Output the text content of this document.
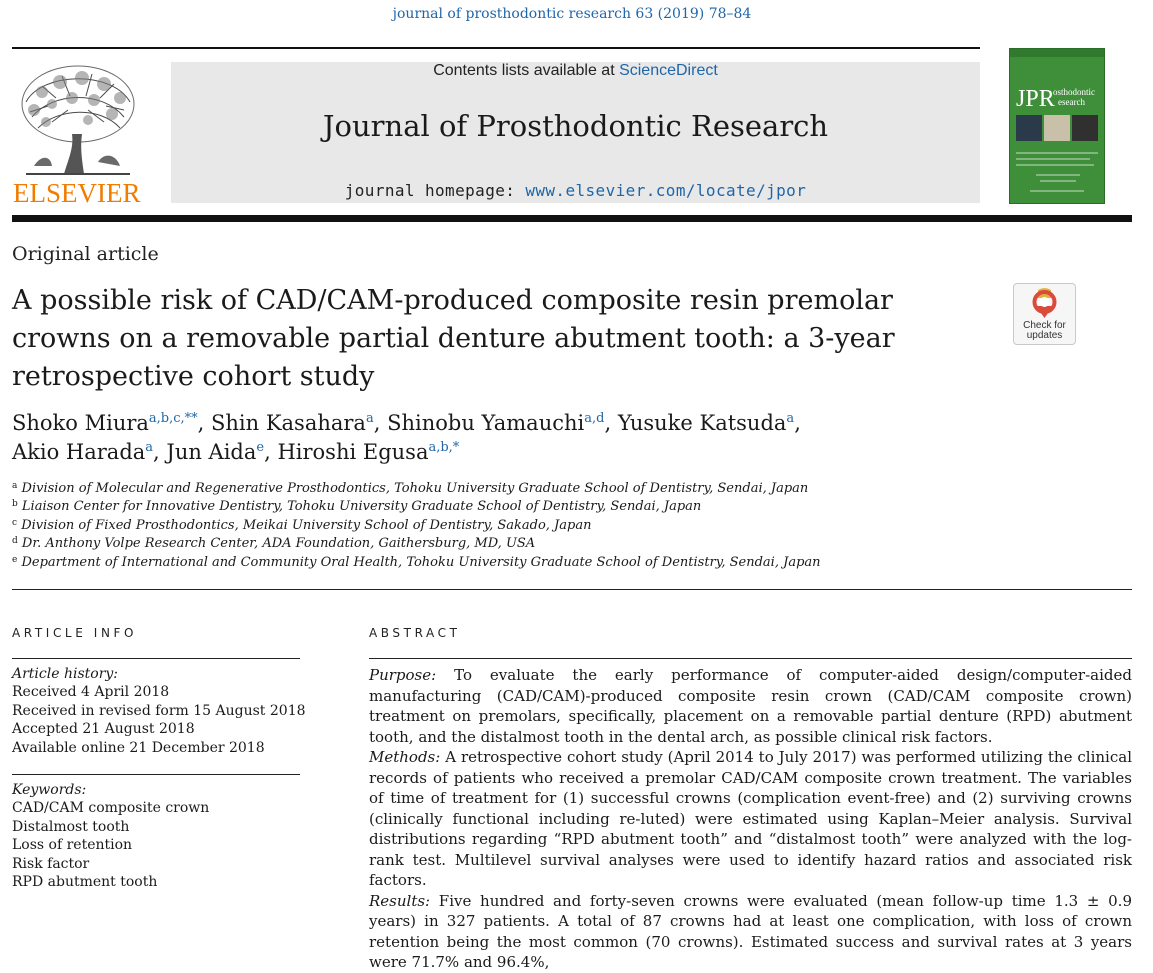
journal of prosthodontic research 63 (2019) 78–84
ELSEVIER
Contents lists available at ScienceDirect
Journal of Prosthodontic Research
journal homepage: www.elsevier.com/locate/jpor
JPR
osthodontic
esearch
Original article
A possible risk of CAD/CAM-produced composite resin premolar crowns on a removable partial denture abutment tooth: a 3-year retrospective cohort study
Check for
updates
Shoko Miura$^{a,b,c,**}$, Shin Kasahara$^a$, Shinobu Yamauchi$^{a,d}$, Yusuke Katsuda$^a$,
Akio Harada$^a$, Jun Aida$^e$, Hiroshi Egusa$^{a,b,*}$
$^a$ Division of Molecular and Regenerative Prosthodontics, Tohoku University Graduate School of Dentistry, Sendai, Japan
$^b$ Liaison Center for Innovative Dentistry, Tohoku University Graduate School of Dentistry, Sendai, Japan
$^c$ Division of Fixed Prosthodontics, Meikai University School of Dentistry, Sakado, Japan
$^d$ Dr. Anthony Volpe Research Center, ADA Foundation, Gaithersburg, MD, USA
$^e$ Department of International and Community Oral Health, Tohoku University Graduate School of Dentistry, Sendai, Japan
ARTICLE INFO
Article history:
Received 4 April 2018
Received in revised form 15 August 2018
Accepted 21 August 2018
Available online 21 December 2018
Keywords:
CAD/CAM composite crown
Distalmost tooth
Loss of retention
Risk factor
RPD abutment tooth
ABSTRACT
Purpose: To evaluate the early performance of computer-aided design/computer-aided manufacturing (CAD/CAM)-produced composite resin crown (CAD/CAM composite crown) treatment on premolars, specifically, placement on a removable partial denture (RPD) abutment tooth, and the distalmost tooth in the dental arch, as possible clinical risk factors.
Methods: A retrospective cohort study (April 2014 to July 2017) was performed utilizing the clinical records of patients who received a premolar CAD/CAM composite crown treatment. The variables of time of treatment for (1) successful crowns (complication event-free) and (2) surviving crowns (clinically functional including re-luted) were estimated using Kaplan–Meier analysis. Survival distributions regarding “RPD abutment tooth” and “distalmost tooth” were analyzed with the log-rank test. Multilevel survival analyses were used to identify hazard ratios and associated risk factors.
Results: Five hundred and forty-seven crowns were evaluated (mean follow-up time 1.3 ± 0.9 years) in 327 patients. A total of 87 crowns had at least one complication, with loss of crown retention being the most common (70 crowns). Estimated success and survival rates at 3 years were 71.7% and 96.4%,
